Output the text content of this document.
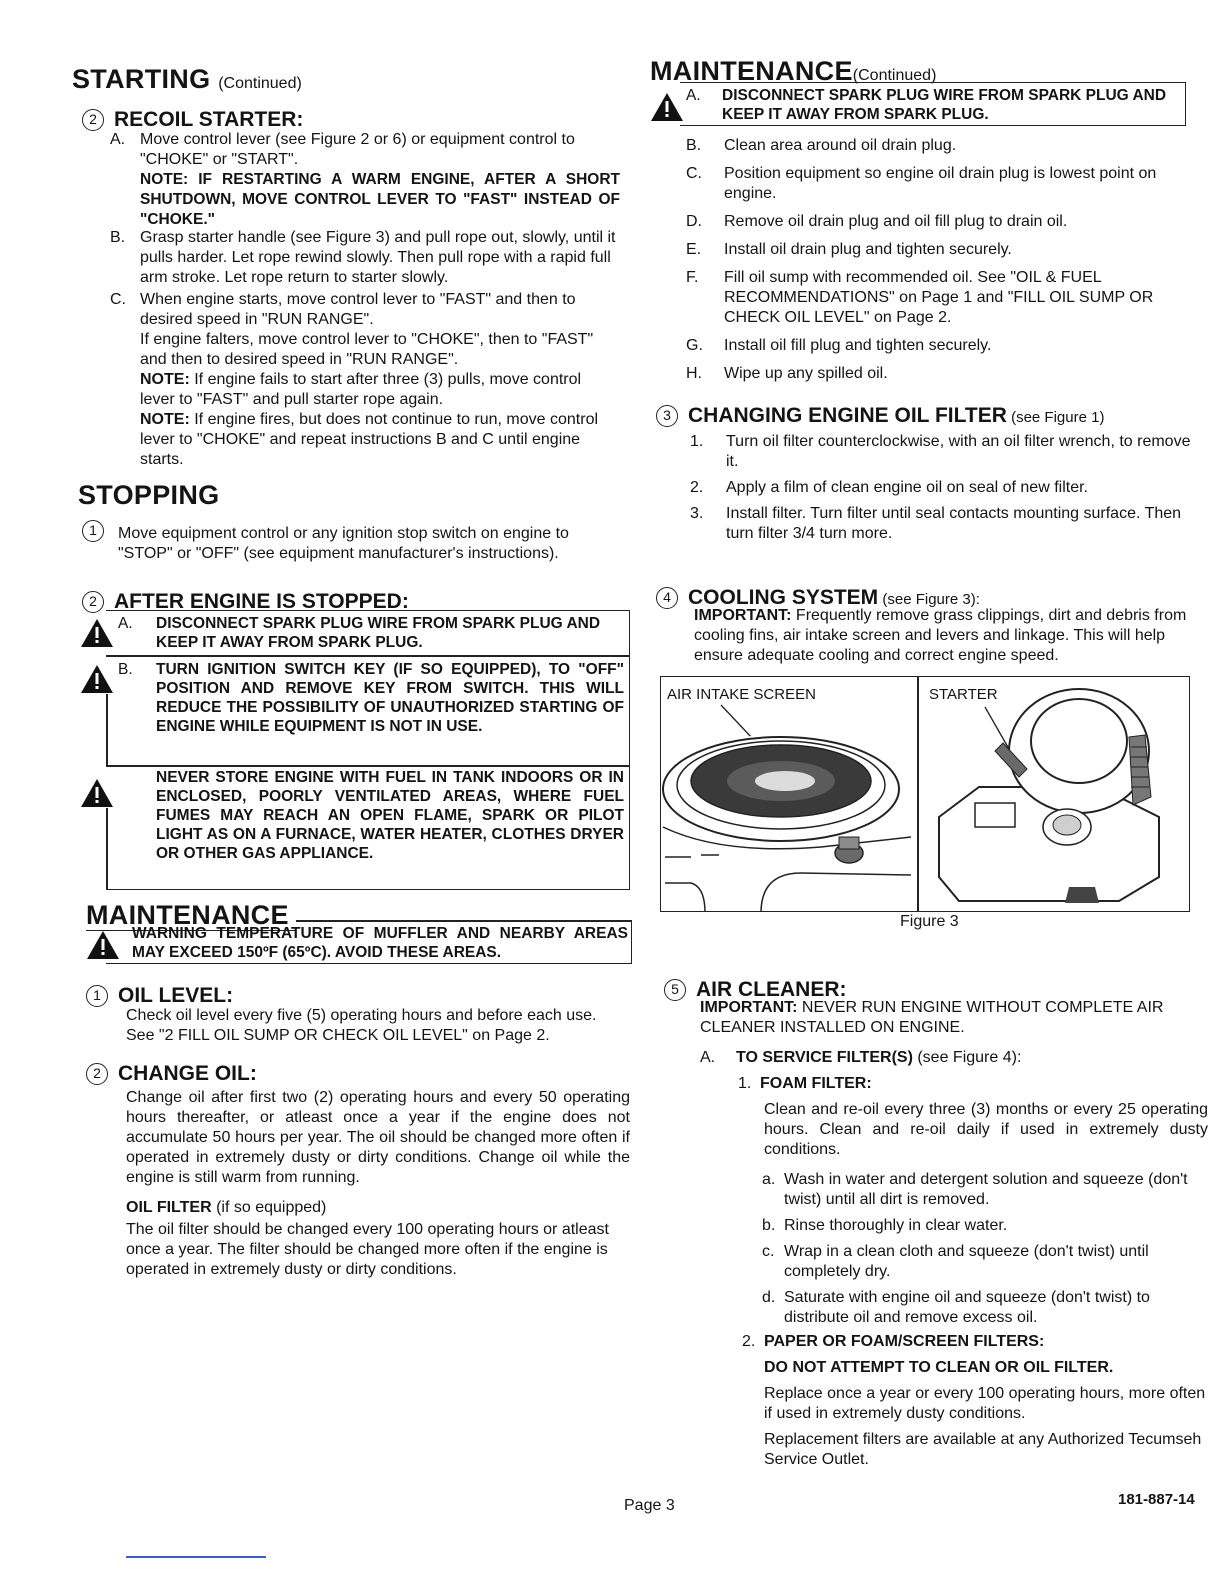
STARTING (Continued)
2 RECOIL STARTER:
A. Move control lever (see Figure 2 or 6) or equipment control to "CHOKE" or "START".
NOTE: IF RESTARTING A WARM ENGINE, AFTER A SHORT SHUTDOWN, MOVE CONTROL LEVER TO "FAST" INSTEAD OF "CHOKE."
B. Grasp starter handle (see Figure 3) and pull rope out, slowly, until it pulls harder. Let rope rewind slowly. Then pull rope with a rapid full arm stroke. Let rope return to starter slowly.
C. When engine starts, move control lever to "FAST" and then to desired speed in "RUN RANGE".
If engine falters, move control lever to "CHOKE", then to "FAST" and then to desired speed in "RUN RANGE".
NOTE: If engine fails to start after three (3) pulls, move control lever to "FAST" and pull starter rope again.
NOTE: If engine fires, but does not continue to run, move control lever to "CHOKE" and repeat instructions B and C until engine starts.
STOPPING
1	Move equipment control or any ignition stop switch on engine to "STOP" or "OFF" (see equipment manufacturer's instructions).
2 AFTER ENGINE IS STOPPED:
A. DISCONNECT SPARK PLUG WIRE FROM SPARK PLUG AND KEEP IT AWAY FROM SPARK PLUG.
B. TURN IGNITION SWITCH KEY (IF SO EQUIPPED), TO "OFF" POSITION AND REMOVE KEY FROM SWITCH. THIS WILL REDUCE THE POSSIBILITY OF UNAUTHORIZED STARTING OF ENGINE WHILE EQUIPMENT IS NOT IN USE.
NEVER STORE ENGINE WITH FUEL IN TANK INDOORS OR IN ENCLOSED, POORLY VENTILATED AREAS, WHERE FUEL FUMES MAY REACH AN OPEN FLAME, SPARK OR PILOT LIGHT AS ON A FURNACE, WATER HEATER, CLOTHES DRYER OR OTHER GAS APPLIANCE.
MAINTENANCE
WARNING TEMPERATURE OF MUFFLER AND NEARBY AREAS MAY EXCEED 150ºF (65ºC). AVOID THESE AREAS.
1 OIL LEVEL:
Check oil level every five (5) operating hours and before each use. See "2 FILL OIL SUMP OR CHECK OIL LEVEL" on Page 2.
2 CHANGE OIL:
Change oil after first two (2) operating hours and every 50 operating hours thereafter, or atleast once a year if the engine does not accumulate 50 hours per year. The oil should be changed more often if operated in extremely dusty or dirty conditions. Change oil while the engine is still warm from running.
OIL FILTER (if so equipped)
The oil filter should be changed every 100 operating hours or atleast once a year. The filter should be changed more often if the engine is operated in extremely dusty or dirty conditions.
MAINTENANCE(Continued)
A. DISCONNECT SPARK PLUG WIRE FROM SPARK PLUG AND KEEP IT AWAY FROM SPARK PLUG.
B. Clean area around oil drain plug.
C. Position equipment so engine oil drain plug is lowest point on engine.
D. Remove oil drain plug and oil fill plug to drain oil.
E. Install oil drain plug and tighten securely.
F. Fill oil sump with recommended oil. See "OIL & FUEL RECOMMENDATIONS" on Page 1 and "FILL OIL SUMP OR CHECK OIL LEVEL" on Page 2.
G. Install oil fill plug and tighten securely.
H. Wipe up any spilled oil.
3 CHANGING ENGINE OIL FILTER (see Figure 1)
1. Turn oil filter counterclockwise, with an oil filter wrench, to remove it.
2. Apply a film of clean engine oil on seal of new filter.
3. Install filter. Turn filter until seal contacts mounting surface. Then turn filter 3/4 turn more.
4 COOLING SYSTEM (see Figure 3):
IMPORTANT: Frequently remove grass clippings, dirt and debris from cooling fins, air intake screen and levers and linkage. This will help ensure adequate cooling and correct engine speed.
AIR INTAKE SCREEN	STARTER
Figure 3
5 AIR CLEANER:
IMPORTANT: NEVER RUN ENGINE WITHOUT COMPLETE AIR CLEANER INSTALLED ON ENGINE.
A. TO SERVICE FILTER(S) (see Figure 4):
1. FOAM FILTER:
Clean and re-oil every three (3) months or every 25 operating hours. Clean and re-oil daily if used in extremely dusty conditions.
a. Wash in water and detergent solution and squeeze (don't twist) until all dirt is removed.
b. Rinse thoroughly in clear water.
c. Wrap in a clean cloth and squeeze (don't twist) until completely dry.
d. Saturate with engine oil and squeeze (don't twist) to distribute oil and remove excess oil.
2. PAPER OR FOAM/SCREEN FILTERS:
DO NOT ATTEMPT TO CLEAN OR OIL FILTER.
Replace once a year or every 100 operating hours, more often if used in extremely dusty conditions.
Replacement filters are available at any Authorized Tecumseh Service Outlet.
Page 3	181-887-14
